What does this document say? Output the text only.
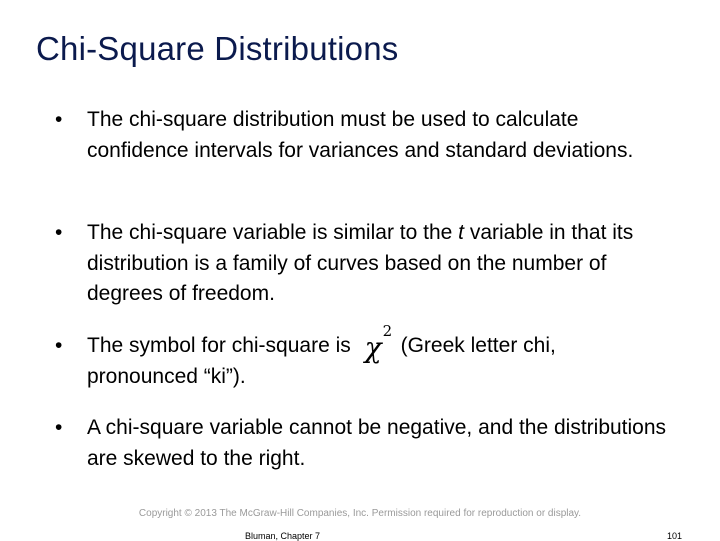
Chi-Square Distributions
• The chi-square distribution must be used to calculate confidence intervals for variances and standard deviations.
• The chi-square variable is similar to the t variable in that its distribution is a family of curves based on the number of degrees of freedom.
• The symbol for chi-square is χ 2
(Greek letter chi, pronounced “ki”).
• A chi-square variable cannot be negative, and the distributions are skewed to the right.
Copyright © 2013 The McGraw-Hill Companies, Inc. Permission required for reproduction or display.
Bluman, Chapter 7	101
